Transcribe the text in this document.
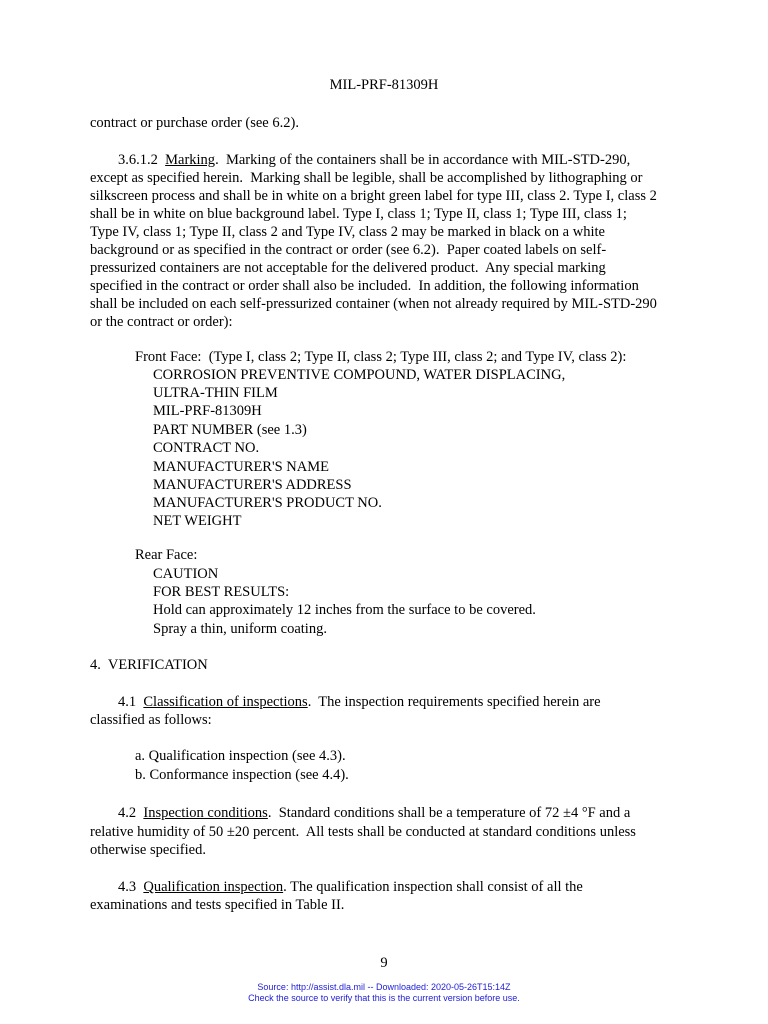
MIL-PRF-81309H
contract or purchase order (see 6.2).
3.6.1.2 Marking.  Marking of the containers shall be in accordance with MIL-STD-290,
except as specified herein.  Marking shall be legible, shall be accomplished by lithographing or
silkscreen process and shall be in white on a bright green label for type III, class 2. Type I, class 2
shall be in white on blue background label. Type I, class 1; Type II, class 1; Type III, class 1;
Type IV, class 1; Type II, class 2 and Type IV, class 2 may be marked in black on a white
background or as specified in the contract or order (see 6.2).  Paper coated labels on self-
pressurized containers are not acceptable for the delivered product.  Any special marking
specified in the contract or order shall also be included.  In addition, the following information
shall be included on each self-pressurized container (when not already required by MIL-STD-290
or the contract or order):
Front Face:  (Type I, class 2; Type II, class 2; Type III, class 2; and Type IV, class 2):
CORROSION PREVENTIVE COMPOUND, WATER DISPLACING,
ULTRA-THIN FILM
MIL-PRF-81309H
PART NUMBER (see 1.3)
CONTRACT NO.
MANUFACTURER'S NAME
MANUFACTURER'S ADDRESS
MANUFACTURER'S PRODUCT NO.
NET WEIGHT
Rear Face:
CAUTION
FOR BEST RESULTS:
Hold can approximately 12 inches from the surface to be covered.
Spray a thin, uniform coating.
4.  VERIFICATION
4.1 Classification of inspections.  The inspection requirements specified herein are
classified as follows:
a. Qualification inspection (see 4.3).
b. Conformance inspection (see 4.4).
4.2 Inspection conditions.  Standard conditions shall be a temperature of 72 ±4 °F and a
relative humidity of 50 ±20 percent.  All tests shall be conducted at standard conditions unless
otherwise specified.
4.3 Qualification inspection. The qualification inspection shall consist of all the
examinations and tests specified in Table II.
9
Source: http://assist.dla.mil -- Downloaded: 2020-05-26T15:14Z
Check the source to verify that this is the current version before use.
